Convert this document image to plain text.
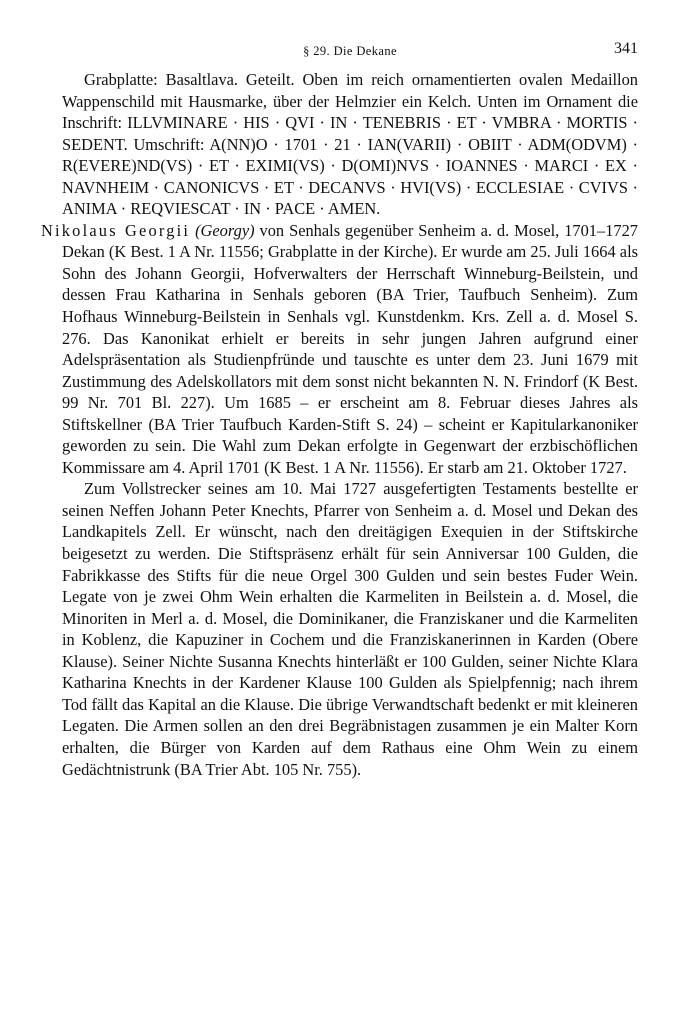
§ 29. Die Dekane	341

Grabplatte: Basaltlava. Geteilt. Oben im reich ornamentierten ovalen Medaillon Wappenschild mit Hausmarke, über der Helmzier ein Kelch. Unten im Ornament die Inschrift: ILLVMINARE · HIS · QVI · IN · TENEBRIS · ET · VMBRA · MORTIS · SEDENT. Umschrift: A(NN)O · 1701 · 21 · IAN(VARII) · OBIIT · ADM(ODVM) · R(EVERE)ND(VS) · ET · EXIMI(VS) · D(OMI)NVS · IOANNES · MARCI · EX · NAVNHEIM · CANONICVS · ET · DECANVS · HVI(VS) · ECCLESIAE · CVIVS · ANIMA · REQVIESCAT · IN · PACE · AMEN.

Nikolaus Georgii (Georgy) von Senhals gegenüber Senheim a. d. Mosel, 1701–1727 Dekan (K Best. 1 A Nr. 11556; Grabplatte in der Kirche). Er wurde am 25. Juli 1664 als Sohn des Johann Georgii, Hofverwalters der Herrschaft Winneburg-Beilstein, und dessen Frau Katharina in Senhals geboren (BA Trier, Taufbuch Senheim). Zum Hofhaus Winneburg-Beilstein in Senhals vgl. Kunstdenkm. Krs. Zell a. d. Mosel S. 276. Das Kanonikat erhielt er bereits in sehr jungen Jahren aufgrund einer Adelspräsentation als Studienpfründe und tauschte es unter dem 23. Juni 1679 mit Zustimmung des Adelskollators mit dem sonst nicht bekannten N. N. Frindorf (K Best. 99 Nr. 701 Bl. 227). Um 1685 – er erscheint am 8. Februar dieses Jahres als Stiftskellner (BA Trier Taufbuch Karden-Stift S. 24) – scheint er Kapitularkanoniker geworden zu sein. Die Wahl zum Dekan erfolgte in Gegenwart der erzbischöflichen Kommissare am 4. April 1701 (K Best. 1 A Nr. 11556). Er starb am 21. Oktober 1727.

Zum Vollstrecker seines am 10. Mai 1727 ausgefertigten Testaments bestellte er seinen Neffen Johann Peter Knechts, Pfarrer von Senheim a. d. Mosel und Dekan des Landkapitels Zell. Er wünscht, nach den dreitägigen Exequien in der Stiftskirche beigesetzt zu werden. Die Stiftspräsenz erhält für sein Anniversar 100 Gulden, die Fabrikkasse des Stifts für die neue Orgel 300 Gulden und sein bestes Fuder Wein. Legate von je zwei Ohm Wein erhalten die Karmeliten in Beilstein a. d. Mosel, die Minoriten in Merl a. d. Mosel, die Dominikaner, die Franziskaner und die Karmeliten in Koblenz, die Kapuziner in Cochem und die Franziskanerinnen in Karden (Obere Klause). Seiner Nichte Susanna Knechts hinterläßt er 100 Gulden, seiner Nichte Klara Katharina Knechts in der Kardener Klause 100 Gulden als Spielpfennig; nach ihrem Tod fällt das Kapital an die Klause. Die übrige Verwandtschaft bedenkt er mit kleineren Legaten. Die Armen sollen an den drei Begräbnistagen zusammen je ein Malter Korn erhalten, die Bürger von Karden auf dem Rathaus eine Ohm Wein zu einem Gedächtnistrunk (BA Trier Abt. 105 Nr. 755).
